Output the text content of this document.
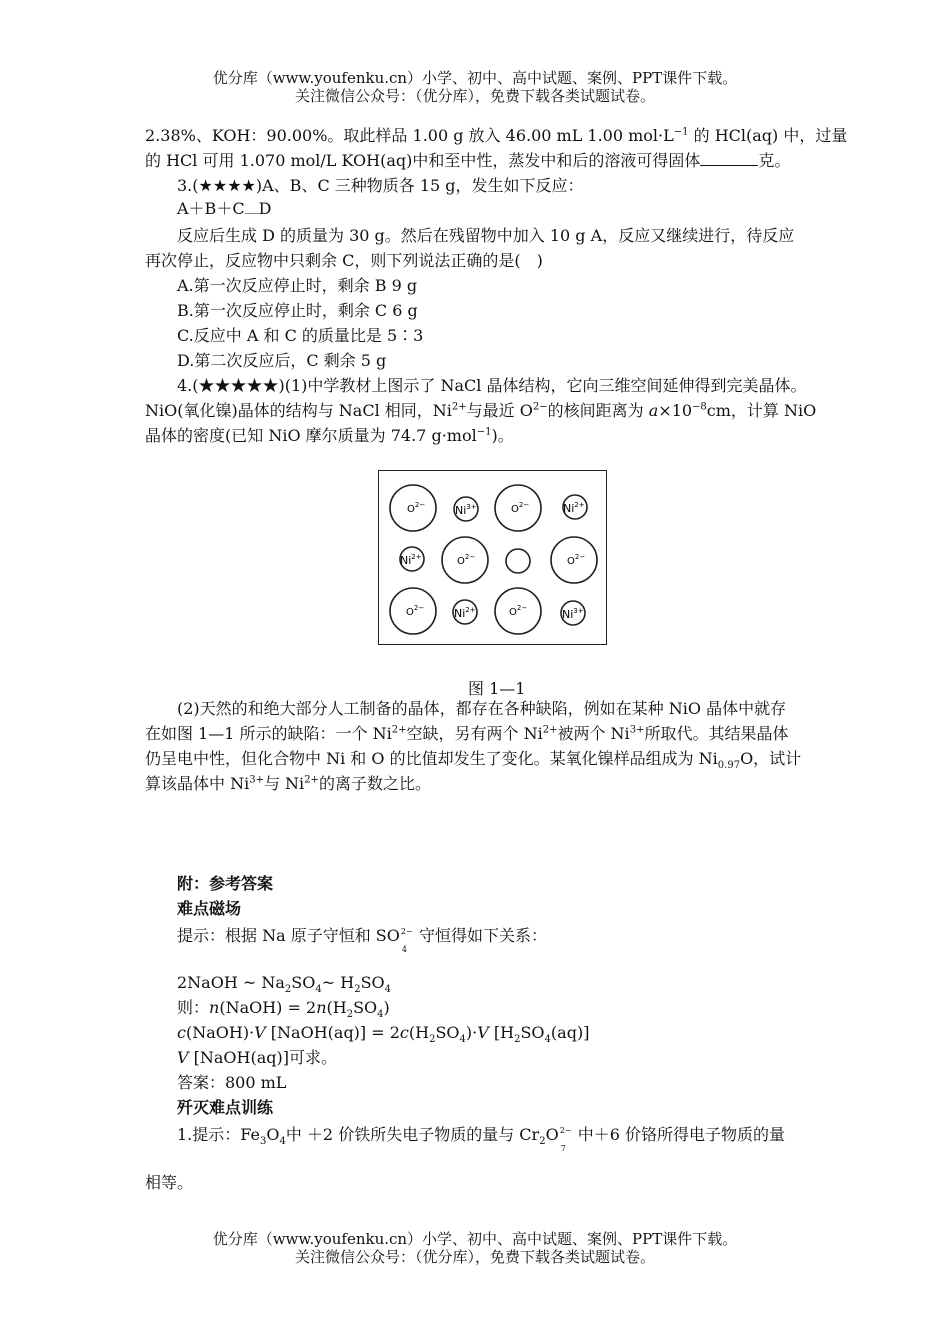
优分库（www.youfenku.cn）小学、初中、高中试题、案例、PPT课件下载。
关注微信公众号：（优分库），免费下载各类试题试卷。
2.38%、KOH：90.00%。取此样品 1.00 g 放入 46.00 mL 1.00 $mol\cdot L^{-1}$ 的 HCl(aq) 中，过量
的 HCl 可用 1.070 mol/L KOH(aq)中和至中性，蒸发中和后的溶液可得固体	克。
3.(★★★★)A、B、C 三种物质各 15 g，发生如下反应：
A＋B＋C D
反应后生成 D 的质量为 30 g。然后在残留物中加入 10 g A，反应又继续进行，待反应
再次停止，反应物中只剩余 C，则下列说法正确的是(　)
A.第一次反应停止时，剩余 B 9 g
B.第一次反应停止时，剩余 C 6 g
C.反应中 A 和 C 的质量比是 5∶3
D.第二次反应后，C 剩余 5 g
4.(★★★★★)(1)中学教材上图示了 NaCl 晶体结构，它向三维空间延伸得到完美晶体。
NiO(氧化镍)晶体的结构与 NaCl 相同，$Ni^{2+}$与最近 $O^{2-}$的核间距离为 $a\times 10^{-8}cm$，计算 NiO
晶体的密度(已知 NiO 摩尔质量为 74.7 g·mol$^{-1}$)。
$O^{2-}$	$Ni^{3+}$	$O^{2-}$	$Ni^{2+}$
$Ni^{2+}$	$O^{2-}$	$O^{2-}$
$O^{2-}$	$Ni^{2+}$	$O^{2-}$	$Ni^{3+}$
图 1—1
(2)天然的和绝大部分人工制备的晶体，都存在各种缺陷，例如在某种 NiO 晶体中就存
在如图 1—1 所示的缺陷：一个 $Ni^{2+}$空缺，另有两个 $Ni^{2+}$被两个 $Ni^{3+}$所取代。其结果晶体
仍呈电中性，但化合物中 Ni 和 O 的比值却发生了变化。某氧化镍样品组成为 $Ni_{0.97}O$，试计
算该晶体中 $Ni^{3+}$与 $Ni^{2+}$的离子数之比。
附：参考答案
难点磁场
提示：根据 Na 原子守恒和 SO 2−
4
守恒得如下关系：
2NaOH ~ $Na_2SO_4\sim$ $H_2SO_4$
则：n(NaOH) = $2n(H_2SO_4)$
c(NaOH)·V [NaOH(aq)] = $2c(H_2SO_4)\cdot V$ $[H_2SO_4(aq)]$
V [NaOH(aq)]可求。
答案：800 mL
歼灭难点训练
1.提示：$Fe_3O_4$中 ＋2 价铁所失电子物质的量与 $Cr_2O$ 2−
7
中＋6 价铬所得电子物质的量
相等。
优分库（www.youfenku.cn）小学、初中、高中试题、案例、PPT课件下载。
关注微信公众号：（优分库），免费下载各类试题试卷。
